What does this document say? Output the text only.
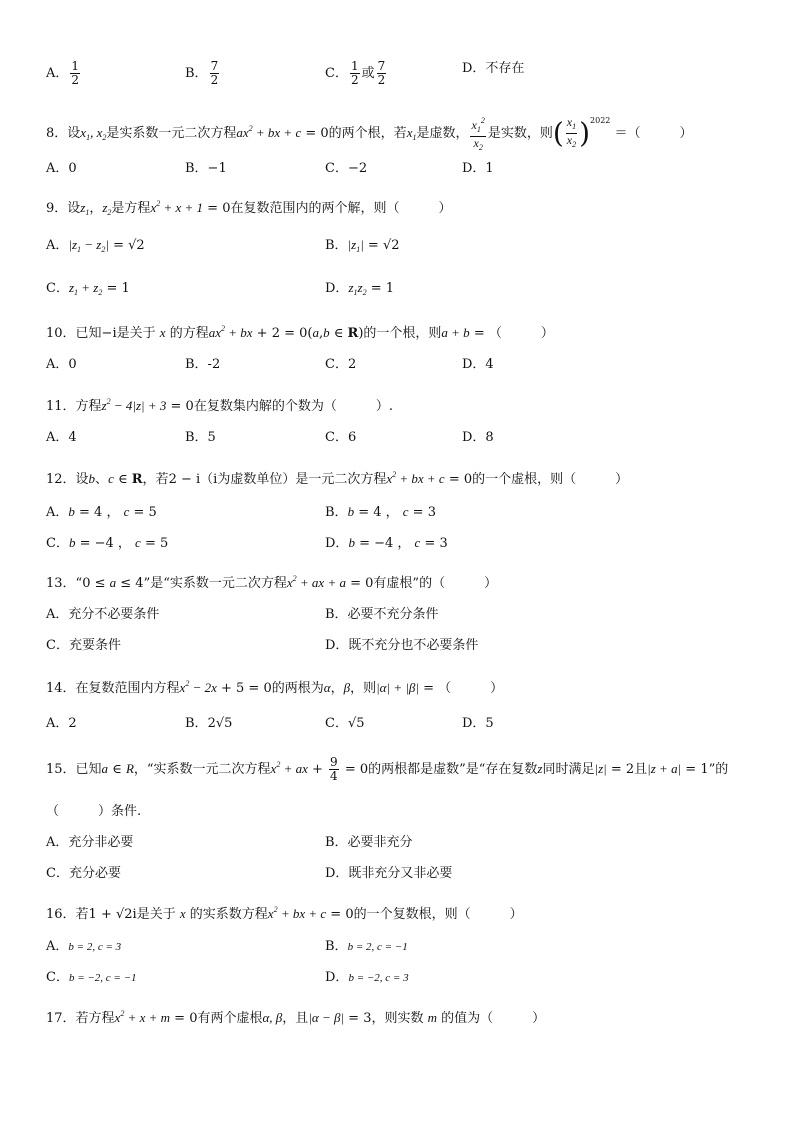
A． $\frac{1}{2}$	B． $\frac{7}{2}$	C． $\frac{1}{2}$ 或 $\frac{7}{2}$	D．不存在
8．设$x_1$, $x_2$是实系数一元二次方程$ax^2$ + bx + c = 0的两个根，若$x_1$是虚数， $\frac{x_1^2}{x_2}$ 是实数，则( $\frac{x_1}{x_2} )^{2022}$ ＝（　　　）
A．0	B．−1	C．−2	D．1
9．设$z_1$，$z_2$是方程$x^2 + x + 1 = 0$在复数范围内的两个解，则（　　　）
A．$|z_1 - z_2| = √2$	B．$|z_1| = √2$
C．$z_1 + z_2 = 1$	D．$z_1z_2 = 1$
10．已知−i是关于 x 的方程$ax^2$ + bx + 2 = 0(a,b ∈ R)的一个根，则a + b = （　　　）
A．0	B．-2	C．2	D．4
11．方程$z^2 - 4|z| + 3 = 0$在复数集内解的个数为（　　　）.
A．4	B．5	C．6	D．8
12．设b、c ∈ R，若2 − i（i为虚数单位）是一元二次方程$x^2$ + bx + c = 0的一个虚根，则（　　　）
A．b = 4 ， c = 5	B．b = 4 ， c = 3
C．b = −4 ， c = 5	D．b = −4 ， c = 3
13．“0 ≤ a ≤ 4”是“实系数一元二次方程$x^2$ + ax + a = 0有虚根”的（　　　）
A．充分不必要条件	B．必要不充分条件
C．充要条件	D．既不充分也不必要条件
14．在复数范围内方程$x^2 - 2x + 5 = 0$的两根为α，β，则|α| + |β| = （　　　）
A．2	B．2√5	C．√5	D．5
15．已知a ∈ R，“实系数一元二次方程$x^2$ + ax + $\frac{9}{4} = 0$的两根都是虚数”是“存在复数z同时满足|z| = 2且|z + a| = 1”的
（　　　）条件.
A．充分非必要	B．必要非充分
C．充分必要	D．既非充分又非必要
16．若1 + √2i是关于 x 的实系数方程$x^2$ + bx + c = 0的一个复数根，则（　　　）
A．b = 2, c = 3	B．b = 2, c = −1
C．b = −2, c = −1	D．b = −2, c = 3
17．若方程$x^2 + x + m = 0$有两个虚根α, β，且|α − β| = 3，则实数 m 的值为（　　　）
